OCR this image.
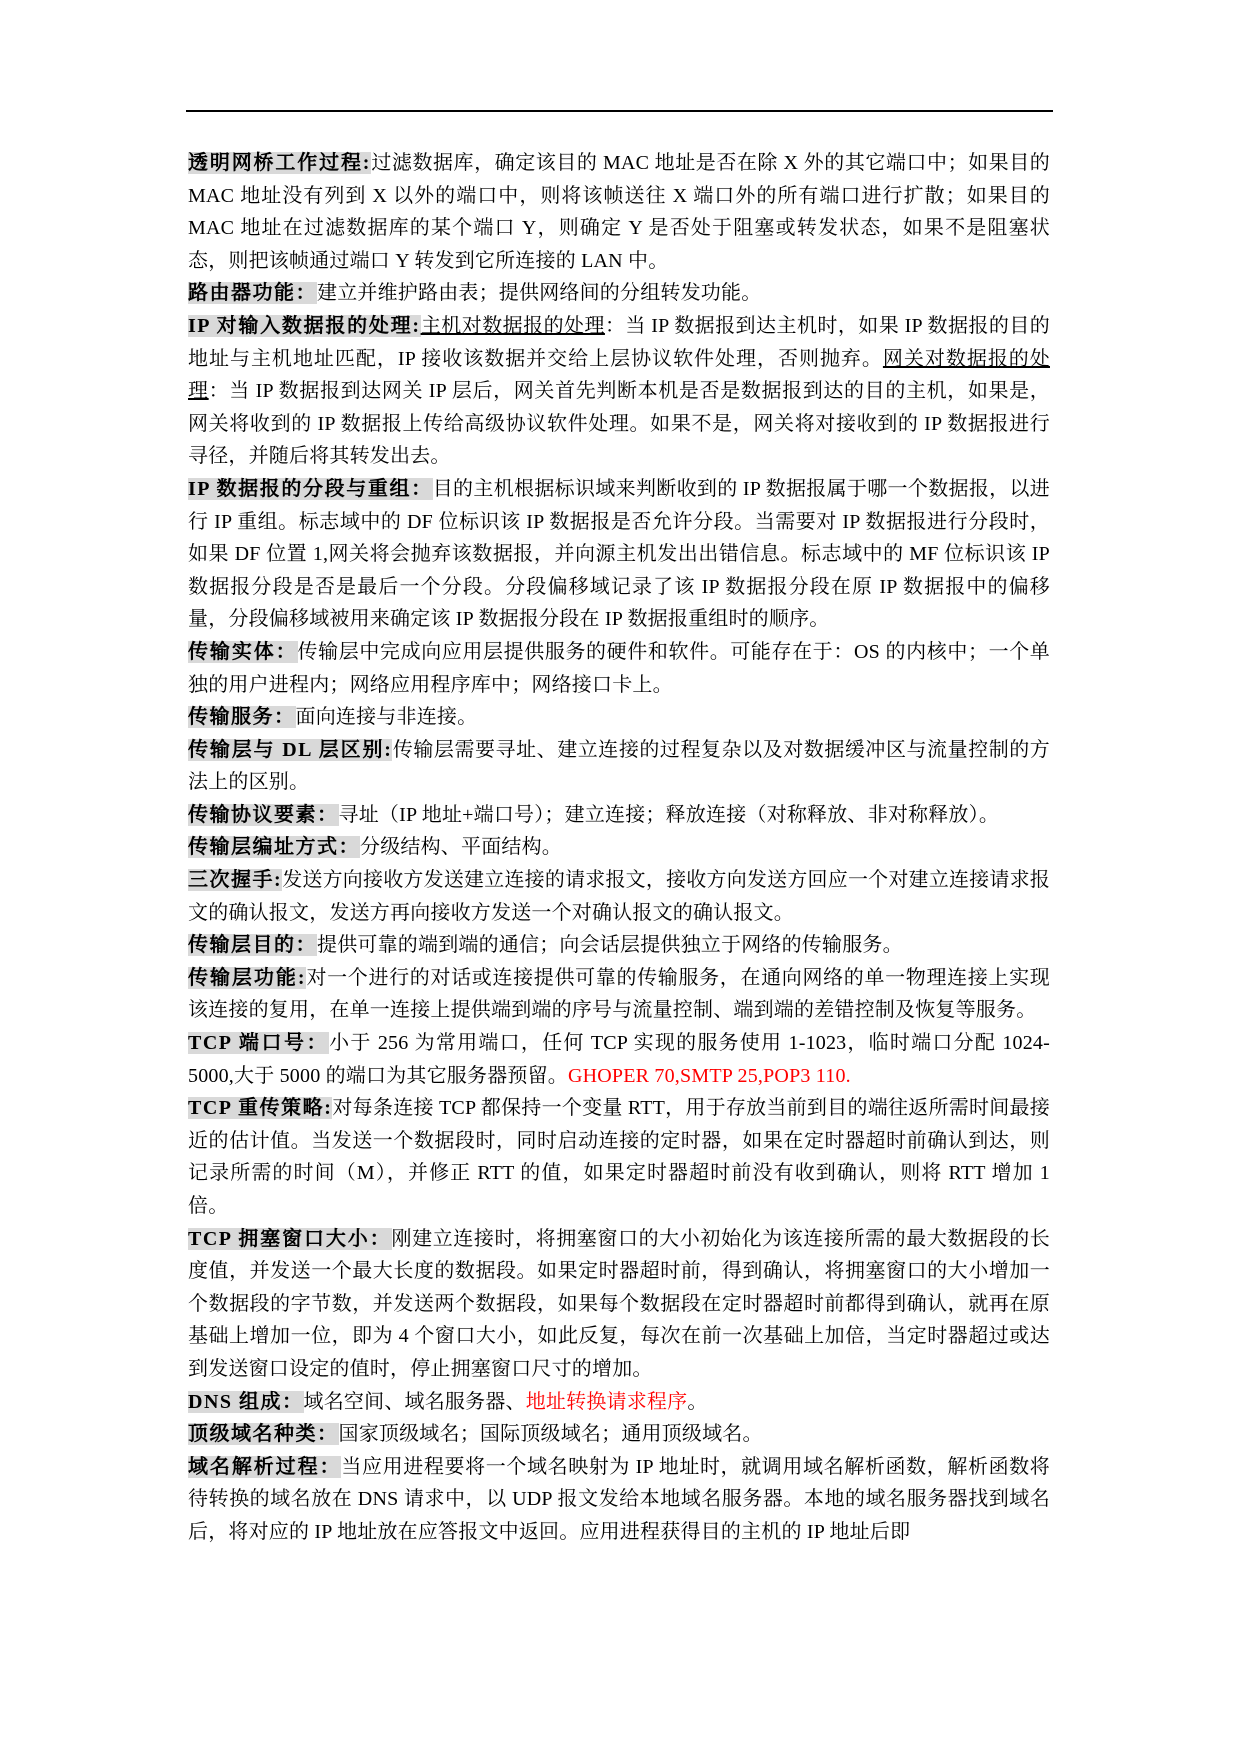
透明网桥工作过程:过滤数据库，确定该目的 MAC 地址是否在除 X 外的其它端口中；如果目的 MAC 地址没有列到 X 以外的端口中，则将该帧送往 X 端口外的所有端口进行扩散；如果目的 MAC 地址在过滤数据库的某个端口 Y，则确定 Y 是否处于阻塞或转发状态，如果不是阻塞状态，则把该帧通过端口 Y 转发到它所连接的 LAN 中。

路由器功能：建立并维护路由表；提供网络间的分组转发功能。

IP 对输入数据报的处理:主机对数据报的处理：当 IP 数据报到达主机时，如果 IP 数据报的目的地址与主机地址匹配，IP 接收该数据并交给上层协议软件处理，否则抛弃。网关对数据报的处理：当 IP 数据报到达网关 IP 层后，网关首先判断本机是否是数据报到达的目的主机，如果是，网关将收到的 IP 数据报上传给高级协议软件处理。如果不是，网关将对接收到的 IP 数据报进行寻径，并随后将其转发出去。

IP 数据报的分段与重组：目的主机根据标识域来判断收到的 IP 数据报属于哪一个数据报，以进行 IP 重组。标志域中的 DF 位标识该 IP 数据报是否允许分段。当需要对 IP 数据报进行分段时，如果 DF 位置 1,网关将会抛弃该数据报，并向源主机发出出错信息。标志域中的 MF 位标识该 IP 数据报分段是否是最后一个分段。分段偏移域记录了该 IP 数据报分段在原 IP 数据报中的偏移量，分段偏移域被用来确定该 IP 数据报分段在 IP 数据报重组时的顺序。

传输实体：传输层中完成向应用层提供服务的硬件和软件。可能存在于：OS 的内核中；一个单独的用户进程内；网络应用程序库中；网络接口卡上。

传输服务：面向连接与非连接。

传输层与 DL 层区别:传输层需要寻址、建立连接的过程复杂以及对数据缓冲区与流量控制的方法上的区别。

传输协议要素：寻址（IP 地址+端口号）；建立连接；释放连接（对称释放、非对称释放）。

传输层编址方式：分级结构、平面结构。

三次握手:发送方向接收方发送建立连接的请求报文，接收方向发送方回应一个对建立连接请求报文的确认报文，发送方再向接收方发送一个对确认报文的确认报文。

传输层目的：提供可靠的端到端的通信；向会话层提供独立于网络的传输服务。

传输层功能:对一个进行的对话或连接提供可靠的传输服务，在通向网络的单一物理连接上实现该连接的复用，在单一连接上提供端到端的序号与流量控制、端到端的差错控制及恢复等服务。

TCP 端口号：小于 256 为常用端口，任何 TCP 实现的服务使用 1-1023，临时端口分配 1024-5000,大于 5000 的端口为其它服务器预留。GHOPER 70,SMTP 25,POP3 110.

TCP 重传策略:对每条连接 TCP 都保持一个变量 RTT，用于存放当前到目的端往返所需时间最接近的估计值。当发送一个数据段时，同时启动连接的定时器，如果在定时器超时前确认到达，则记录所需的时间（M），并修正 RTT 的值，如果定时器超时前没有收到确认，则将 RTT 增加 1 倍。

TCP 拥塞窗口大小：刚建立连接时，将拥塞窗口的大小初始化为该连接所需的最大数据段的长度值，并发送一个最大长度的数据段。如果定时器超时前，得到确认，将拥塞窗口的大小增加一个数据段的字节数，并发送两个数据段，如果每个数据段在定时器超时前都得到确认，就再在原基础上增加一位，即为 4 个窗口大小，如此反复，每次在前一次基础上加倍，当定时器超过或达到发送窗口设定的值时，停止拥塞窗口尺寸的增加。

DNS 组成：域名空间、域名服务器、地址转换请求程序。

顶级域名种类：国家顶级域名；国际顶级域名；通用顶级域名。

域名解析过程：当应用进程要将一个域名映射为 IP 地址时，就调用域名解析函数，解析函数将待转换的域名放在 DNS 请求中，以 UDP 报文发给本地域名服务器。本地的域名服务器找到域名后，将对应的 IP 地址放在应答报文中返回。应用进程获得目的主机的 IP 地址后即
